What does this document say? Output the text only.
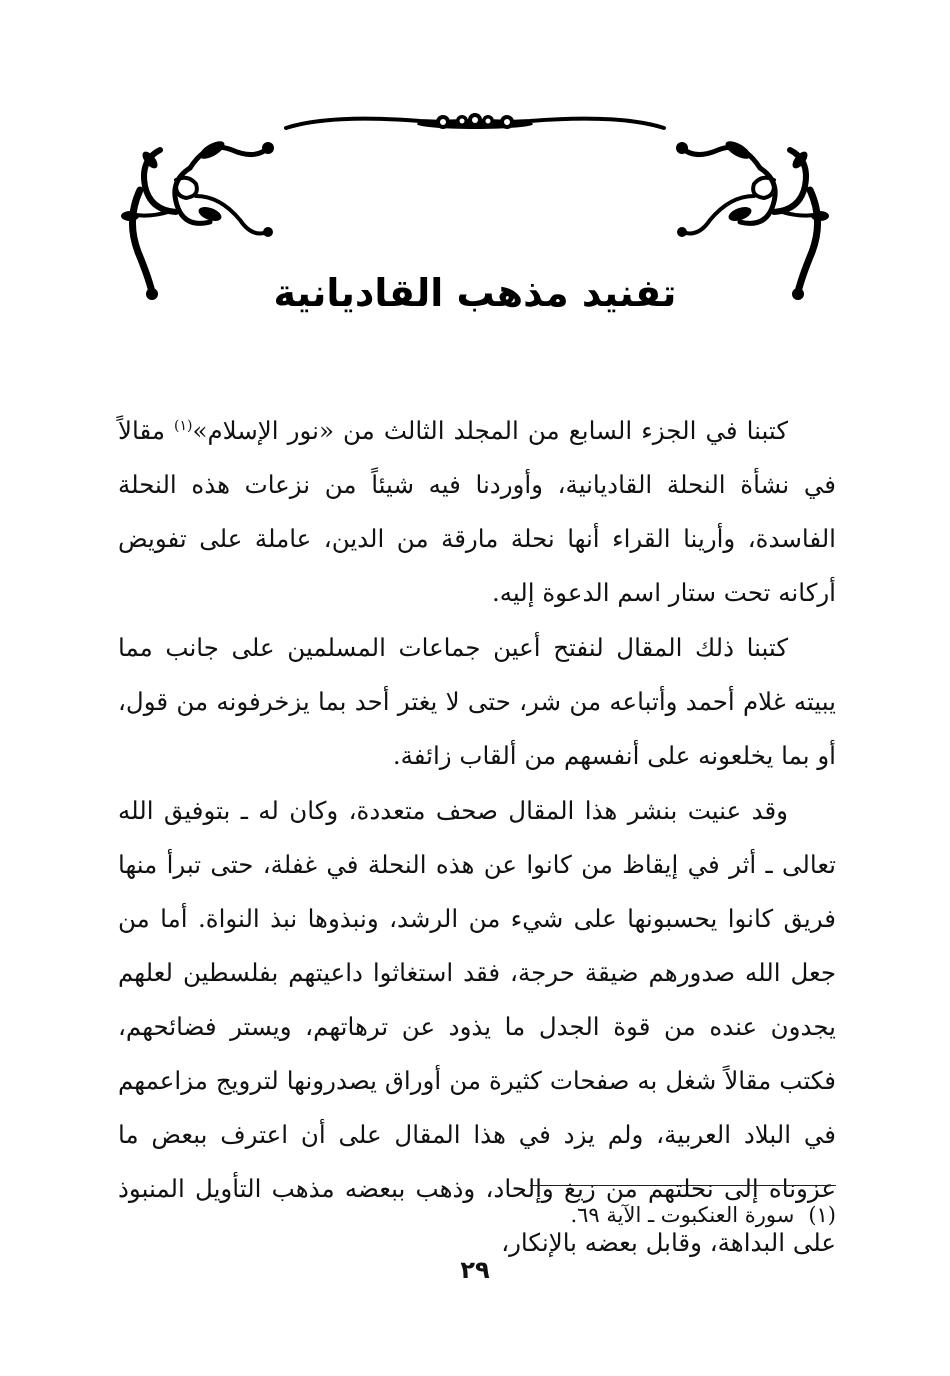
تفنيد مذهب القاديانية

كتبنا في الجزء السابع من المجلد الثالث من «نور الإسلام»$^{(١)}$ مقالاً في نشأة النحلة القاديانية، وأوردنا فيه شيئاً من نزعات هذه النحلة الفاسدة، وأرينا القراء أنها نحلة مارقة من الدين، عاملة على تفويض أركانه تحت ستار اسم الدعوة إليه.

كتبنا ذلك المقال لنفتح أعين جماعات المسلمين على جانب مما يبيته غلام أحمد وأتباعه من شر، حتى لا يغتر أحد بما يزخرفونه من قول، أو بما يخلعونه على أنفسهم من ألقاب زائفة.

وقد عنيت بنشر هذا المقال صحف متعددة، وكان له ـ بتوفيق الله تعالى ـ أثر في إيقاظ من كانوا عن هذه النحلة في غفلة، حتى تبرأ منها فريق كانوا يحسبونها على شيء من الرشد، ونبذوها نبذ النواة. أما من جعل الله صدورهم ضيقة حرجة، فقد استغاثوا داعيتهم بفلسطين لعلهم يجدون عنده من قوة الجدل ما يذود عن ترهاتهم، ويستر فضائحهم، فكتب مقالاً شغل به صفحات كثيرة من أوراق يصدرونها لترويج مزاعمهم في البلاد العربية، ولم يزد في هذا المقال على أن اعترف ببعض ما عزوناه إلى نحلتهم من زيغ وإلحاد، وذهب ببعضه مذهب التأويل المنبوذ على البداهة، وقابل بعضه بالإنكار،

(١)سورة العنكبوت ـ الآية ٦٩.
٢٩
